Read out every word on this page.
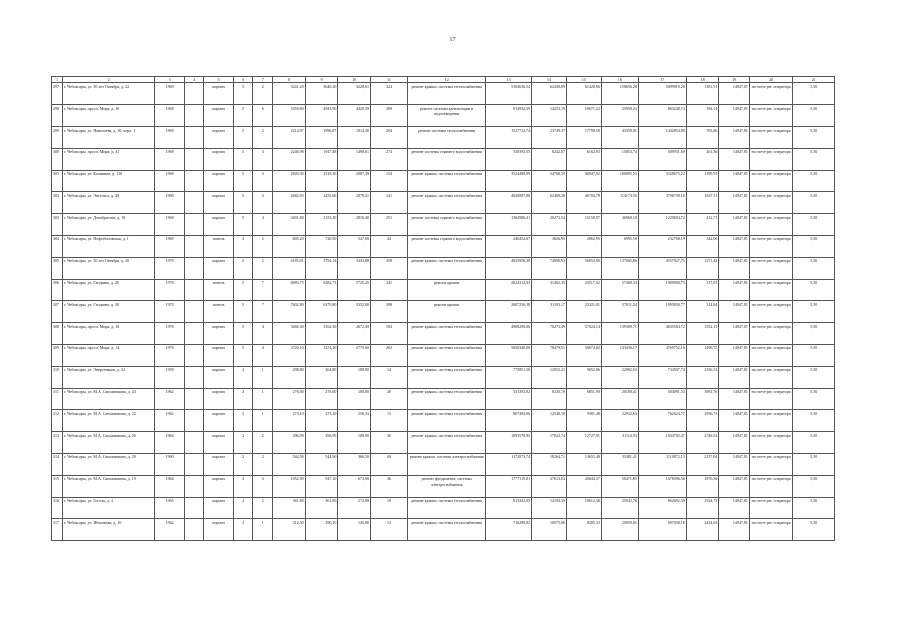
17
1	2	3	4	5	6	7	8	9	10	11	12	13	14	15	16	17	18	19	20	21
297	г. Чебоксары, ул. 50 лет Октября, д. 22	1969		кирпич	5	2	3241,20	3640,30	3220,61	324	ремонт крыши, системы теплоснабжения	5304636,54	62430,09	61428,96	150656,28	5009919,20	1381,51	14047,81	на счете рег. оператора	5,50
298	г. Чебоксары, просп. Мира, д. 10	1969		кирпич	5	6	5359,80	4943,90	4420,39	289	ремонт системы канализации и водоотведения	914934,39	14253,19	10671,22	25959,24	863248,74	184,14	14047,81	на счете рег. оператора	5,50
299	г. Чебоксары, ул. Николаева, д. 30, корп. 1	1969		кирпич	5	2	2214,97	1996,87	1814,30	204	ремонт системы теплоснабжения	1527732,74	23749,37	17798,50	43359,01	1442854,80	765,06	14047,81	на счете рег. оператора	5,50
300	г. Чебоксары, просп. Мира, д. 41	1969		кирпич	5	3	2246,98	1947,48	1490,61	274	ремонт системы горячего водоснабжения	530393,55	8242,07	6162,03	15053,74	509951,69	261,36	14047,81	на счете рег. оператора	5,50
301	г. Чебоксары, ул. Калинина, д. 116	1969		кирпич	5	3	2849,30	2518,30	2087,39	154	ремонт крыши, системы теплоснабжения	3524498,99	54768,39	40947,92	100095,55	3328675,22	1399,55	14047,81	на счете рег. оператора	5,50
302	г. Чебоксары, ул. Энгельса, д. 49	1969		кирпич	5	3	2682,03	2455,60	2078,41	141	ремонт крыши, системы теплоснабжения	4020087,88	62469,28	46704,78	114174,50	3796739,18	1637,11	14047,81	на счете рег. оператора	5,50
303	г. Чебоксары, ул. Декабристов, д. 18	1969		кирпич	5	4	3401,80	3153,30	2816,40	251	ремонт системы горячего водоснабжения	1304586,41	20272,54	15158,97	36960,18	1229694,72	412,71	14047,81	на счете рег. оператора	5,50
304	г. Чебоксары, ул. Нефтебазовская, д. 1	1969		панель	2	2	805,20	720,50	547,00	44	ремонт системы горячего водоснабжения	246454,67	3826,95	2862,95	6995,50	232768,19	342,06	14047,81	на счете рег. оператора	5,50
305	г. Чебоксары, ул. 50 лет Октября, д. 20	1970		кирпич	5	2	4185,01	3794,14	3443,88	358	ремонт крыши, системы теплоснабжения	4825956,30	74996,93	56053,90	137065,86	4557927,75	1271,42	14047,81	на счете рег. оператора	5,50
306	г. Чебоксары, ул. Гагарина, д. 28	1970		панель	5	7	6993,75	6382,73	5725,25	341	ремонт крыши	2024314,93	31462,35	23517,52	57468,34	1909908,73	317,01	14047,81	на счете рег. оператора	5,50
307	г. Чебоксары, ул. Гагарина, д. 30	1970		панель	5	7	7602,80	6379,80	5352,80	398	ремонт крыши	2007256,18	31193,17	23321,01	57011,24	1895830,77	314,64	14047,81	на счете рег. оператора	5,50
308	г. Чебоксары, просп. Мира, д. 18	1970		кирпич	5	4	3466,30	3162,30	2672,49	184	ремонт крыши, системы теплоснабжения	4908290,06	76273,49	57024,14	139309,71	4635584,72	1552,15	14047,81	на счете рег. оператора	5,50
309	г. Чебоксары, просп. Мира, д. 14	1970		кирпич	5	4	3720,10	3374,20	2775,60	202	ремонт крыши, системы теплоснабжения	5050340,06	78479,51	58674,82	143436,17	4769752,16	1496,75	14047,81	на счете рег. оператора	5,50
310	г. Чебоксары, ул. Энергетиков, д. 32	1959		кирпич	2	1	298,80	264,80	180,00	14	ремонт крыши, системы теплоснабжения	775851,50	12052,21	9052,86	22082,63	734597,74	2336,31	14047,81	на счете рег. оператора	5,50
311	г. Чебоксары, ул. М.А. Сапожникова, д. 24	1962		кирпич	2	1	276,00	276,00	180,00	20	ремонт крыши, системы теплоснабжения	531393,82	8230,19	6851,90	20180,41	504091,33	3981,76	14047,81	на счете рег. оператора	5,50
312	г. Чебоксары, ул. М.А. Сапожникова, д. 22	1962		кирпич	2	1	273,10	273,10	256,33	15	ремонт крыши, системы теплоснабжения	807494,06	12548,10	9381,48	22932,63	762624,77	2956,73	14047,81	на счете рег. оператора	5,50
313	г. Чебоксары, ул. М.А. Сапожникова, д. 26	1964		кирпич	2	2	396,99	396,99	189,00	36	ремонт крыши, системы теплоснабжения	1093570,95	17024,74	12727,91	31114,93	1034702,47	2746,52	14047,81	на счете рег. оператора	5,50
314	г. Чебоксары, ул. М.А. Сапожникова, д. 20	1960		кирпич	2	2	544,50	544,90	366,50	60	ремонт крыши, системы электроснабжения	1172073,74	18264,71	13655,49	33381,41	1110872,13	2157,04	14047,81	на счете рег. оператора	5,50
315	г. Чебоксары, ул. М.А. Сапожникова, д. 19	1964		кирпич	2	3	1052,90	947,10	673,00	36	ремонт фундамента, системы электроснабжения	1777119,01	27613,03	20644,37	50471,85	1678396,36	1876,36	14047,81	на счете рег. оператора	5,50
316	г. Чебоксары, ул. Гоголя, д. 4	1965		кирпич	2	2	361,80	361,80	272,00	19	ремонт крыши, системы теплоснабжения	913443,95	14194,39	10612,38	25942,78	862692,39	2524,73	14047,81	на счете рег. оператора	5,50
317	г. Чебоксары, ул. Яблочкова, д. 10	1962		кирпич	2	1	312,50	290,10	145,80	13	ремонт крыши, системы теплоснабжения	716298,82	10975,66	8205,33	20059,61	697038,18	2434,63	14047,81	на счете рег. оператора	5,50
